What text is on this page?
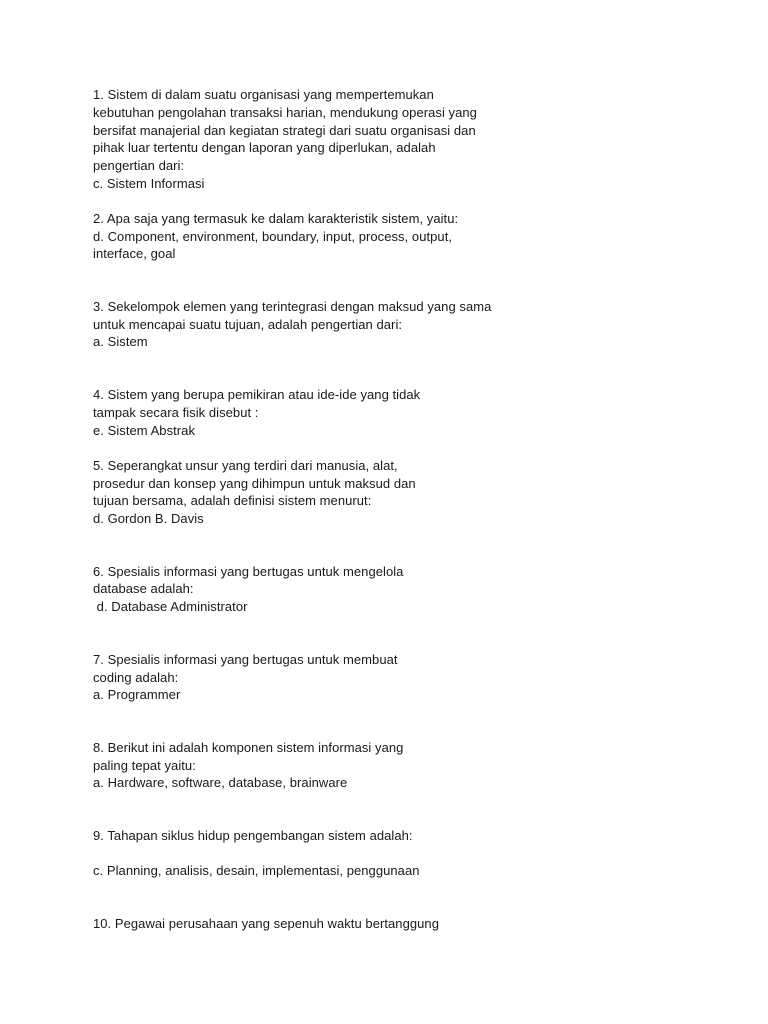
1. Sistem di dalam suatu organisasi yang mempertemukan
kebutuhan pengolahan transaksi harian, mendukung operasi yang
bersifat manajerial dan kegiatan strategi dari suatu organisasi dan
pihak luar tertentu dengan laporan yang diperlukan, adalah
pengertian dari:
c. Sistem Informasi
2. Apa saja yang termasuk ke dalam karakteristik sistem, yaitu:
d. Component, environment, boundary, input, process, output,
interface, goal
3. Sekelompok elemen yang terintegrasi dengan maksud yang sama
untuk mencapai suatu tujuan, adalah pengertian dari:
a. Sistem
4. Sistem yang berupa pemikiran atau ide-ide yang tidak
tampak secara fisik disebut :
e. Sistem Abstrak
5. Seperangkat unsur yang terdiri dari manusia, alat,
prosedur dan konsep yang dihimpun untuk maksud dan
tujuan bersama, adalah definisi sistem menurut:
d. Gordon B. Davis
6. Spesialis informasi yang bertugas untuk mengelola
database adalah:
d. Database Administrator
7. Spesialis informasi yang bertugas untuk membuat
coding adalah:
a. Programmer
8. Berikut ini adalah komponen sistem informasi yang
paling tepat yaitu:
a. Hardware, software, database, brainware
9. Tahapan siklus hidup pengembangan sistem adalah:
c. Planning, analisis, desain, implementasi, penggunaan
10. Pegawai perusahaan yang sepenuh waktu bertanggung
